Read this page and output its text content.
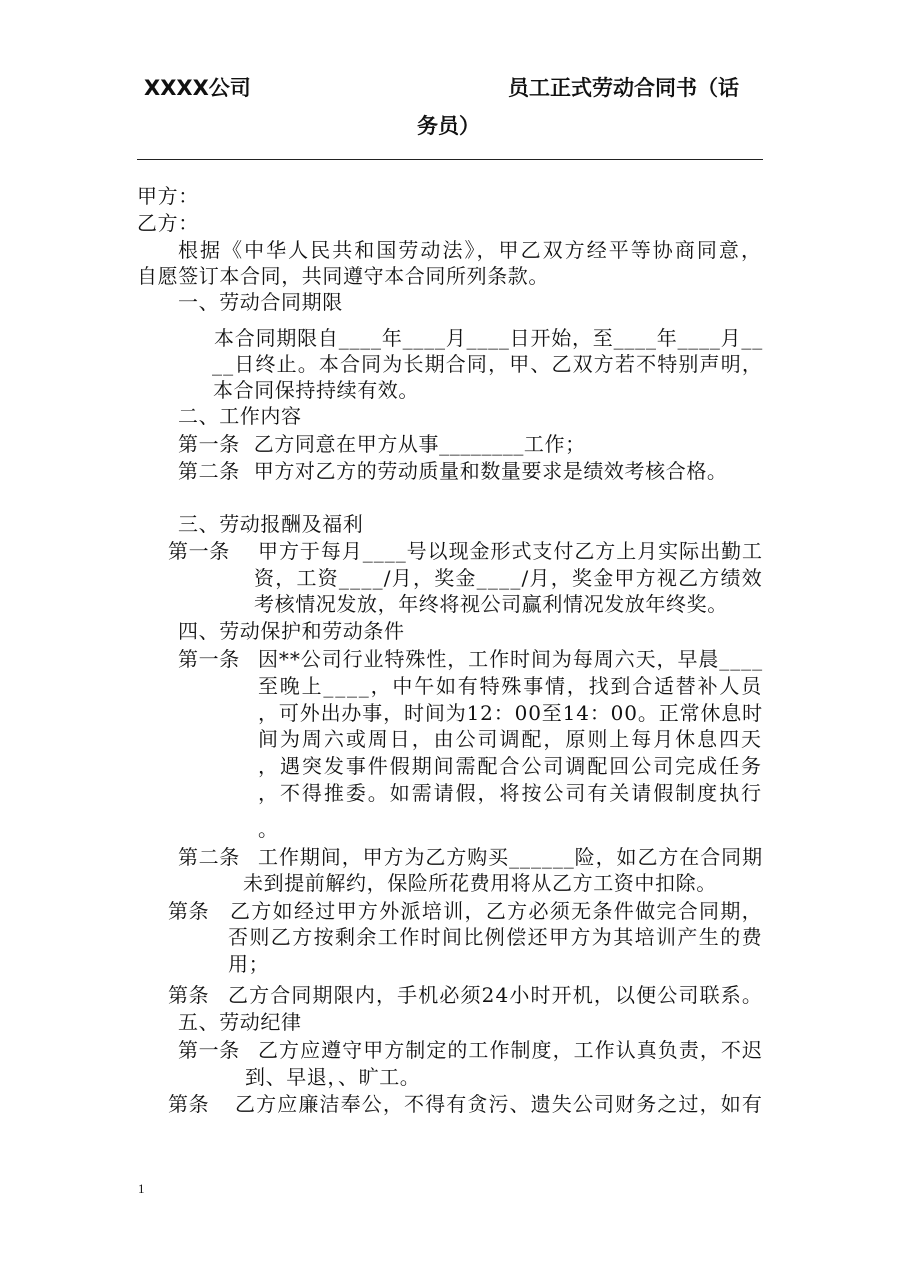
XXXX公司	员工正式劳动合同书（话
务员）
甲方：
乙方：
根据《中华人民共和国劳动法》，甲乙双方经平等协商同意，
自愿签订本合同，共同遵守本合同所列条款。
一、劳动合同期限
本合同期限自____年____月____日开始，至____年____月__
__日终止。本合同为长期合同，甲、乙双方若不特别声明，
本合同保持持续有效。
二、工作内容
第一条  乙方同意在甲方从事________工作；
第二条  甲方对乙方的劳动质量和数量要求是绩效考核合格。
三、劳动报酬及福利
第一条 甲方于每月____号以现金形式支付乙方上月实际出勤工
资，工资____/月，奖金____/月，奖金甲方视乙方绩效
考核情况发放，年终将视公司赢利情况发放年终奖。
四、劳动保护和劳动条件
第一条 因**公司行业特殊性，工作时间为每周六天，早晨____
至晚上____，中午如有特殊事情，找到合适替补人员
，可外出办事，时间为12：00至14：00。正常休息时
间为周六或周日，由公司调配，原则上每月休息四天
，遇突发事件假期间需配合公司调配回公司完成任务
，不得推委。如需请假，将按公司有关请假制度执行
。
第二条 工作期间，甲方为乙方购买______险，如乙方在合同期
未到提前解约，保险所花费用将从乙方工资中扣除。
第条 乙方如经过甲方外派培训，乙方必须无条件做完合同期，
否则乙方按剩余工作时间比例偿还甲方为其培训产生的费
用；
第条 乙方合同期限内，手机必须24小时开机，以便公司联系。
五、劳动纪律
第一条 乙方应遵守甲方制定的工作制度，工作认真负责，不迟
到、早退，、旷工。
第条 乙方应廉洁奉公，不得有贪污、遗失公司财务之过，如有
1
